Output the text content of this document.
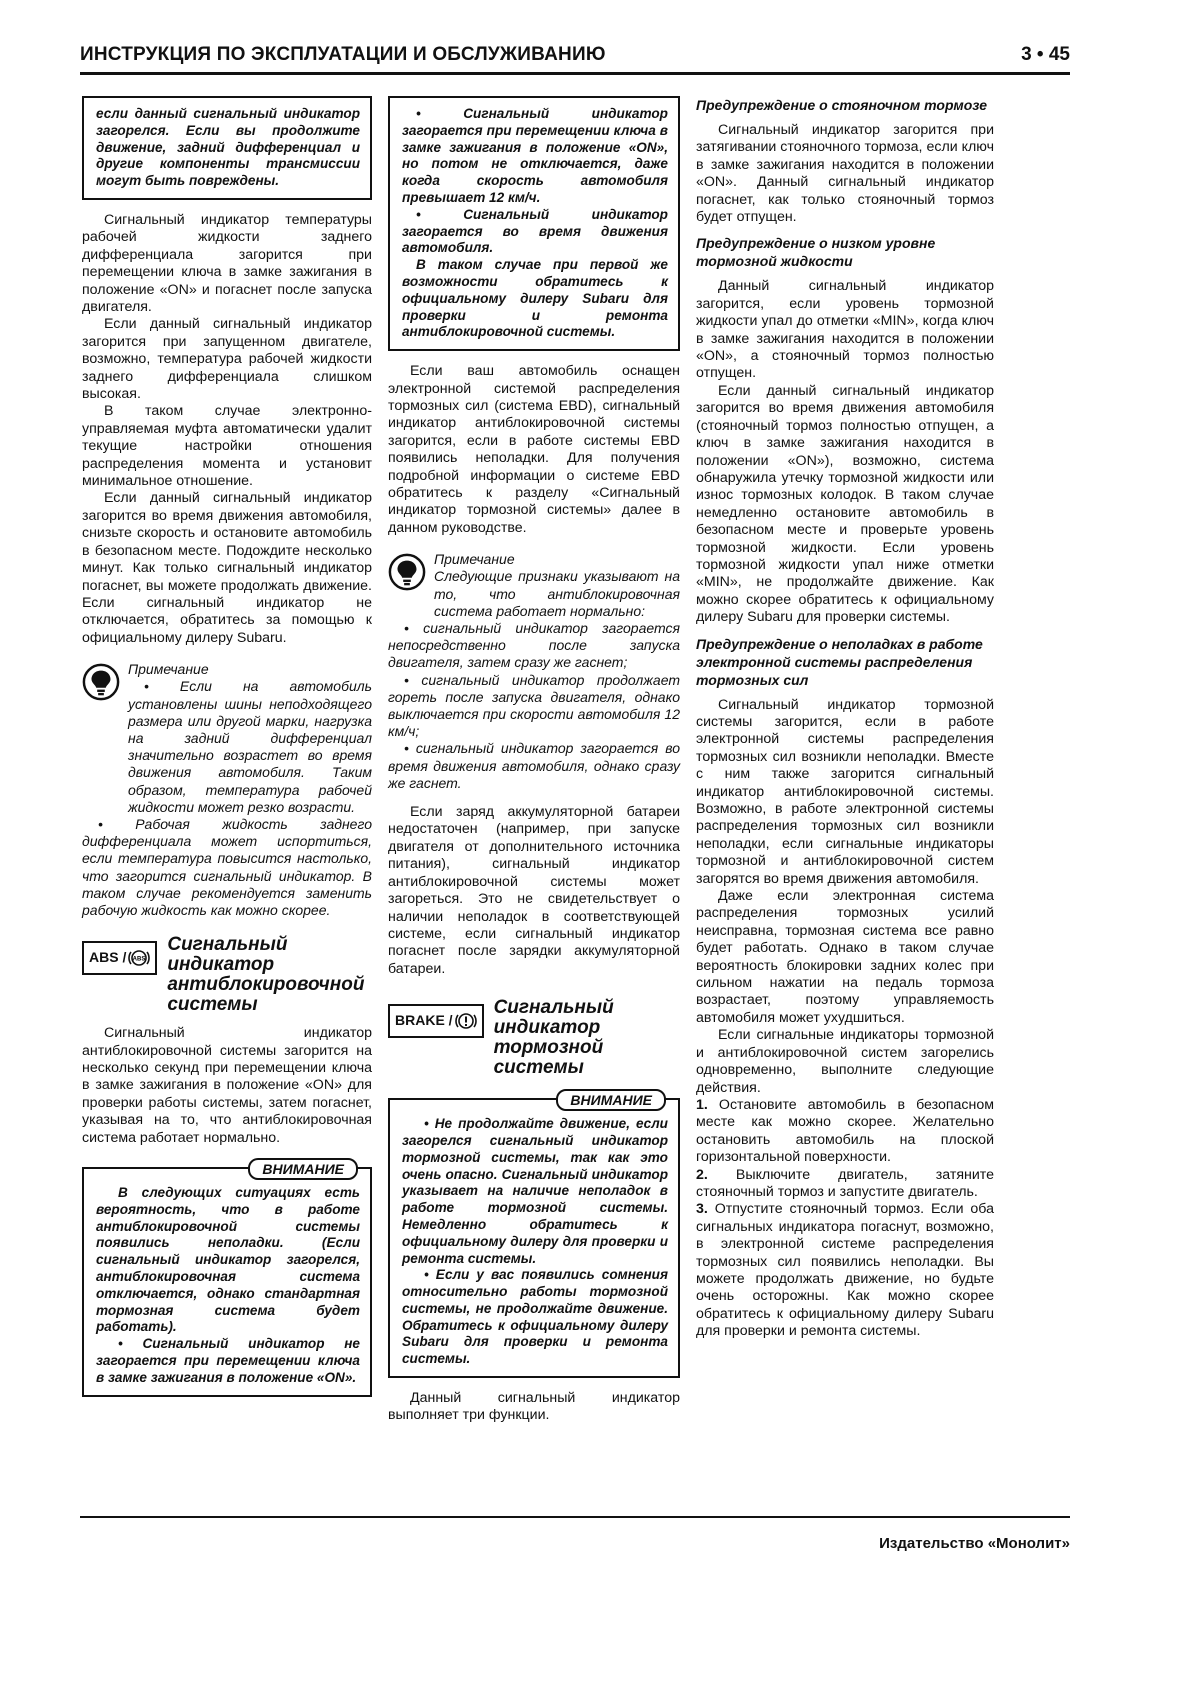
ИНСТРУКЦИЯ ПО ЭКСПЛУАТАЦИИ И ОБСЛУЖИВАНИЮ	3 • 45

если данный сигнальный индикатор загорелся. Если вы продолжите движение, задний дифференциал и другие компоненты трансмиссии могут быть повреждены.

Сигнальный индикатор температуры рабочей жидкости заднего дифференциала загорится при перемещении ключа в замке зажигания в положение «ON» и погаснет после запуска двигателя.

Если данный сигнальный индикатор загорится при запущенном двигателе, возможно, температура рабочей жидкости заднего дифференциала слишком высокая.

В таком случае электронно-управляемая муфта автоматически удалит текущие настройки отношения распределения момента и установит минимальное отношение.

Если данный сигнальный индикатор загорится во время движения автомобиля, снизьте скорость и остановите автомобиль в безопасном месте. Подождите несколько минут. Как только сигнальный индикатор погаснет, вы можете продолжать движение. Если сигнальный индикатор не отключается, обратитесь за помощью к официальному дилеру Subaru.

Примечание

• Если на автомобиль установлены шины неподходящего размера или другой марки, нагрузка на задний дифференциал значительно возрастет во время движения автомобиля. Таким образом, температура рабочей жидкости может резко возрасти.

• Рабочая жидкость заднего дифференциала может испортиться, если температура повысится настолько, что загорится сигнальный индикатор. В таком случае рекомендуется заменить рабочую жидкость как можно скорее.

ABS / ABS
Сигнальный индикатор антиблокировочной системы

Сигнальный индикатор антиблокировочной системы загорится на несколько секунд при перемещении ключа в замке зажигания в положение «ON» для проверки работы системы, затем погаснет, указывая на то, что антиблокировочная система работает нормально.

ВНИМАНИЕ

В следующих ситуациях есть вероятность, что в работе антиблокировочной системы появились неполадки. (Если сигнальный индикатор загорелся, антиблокировочная система отключается, однако стандартная тормозная система будет работать).

• Сигнальный индикатор не загорается при перемещении ключа в замке зажигания в положение «ON».

• Сигнальный индикатор загорается при перемещении ключа в замке зажигания в положение «ON», но потом не отключается, даже когда скорость автомобиля превышает 12 км/ч.

• Сигнальный индикатор загорается во время движения автомобиля.

В таком случае при первой же возможности обратитесь к официальному дилеру Subaru для проверки и ремонта антиблокировочной системы.

Если ваш автомобиль оснащен электронной системой распределения тормозных сил (система EBD), сигнальный индикатор антиблокировочной системы загорится, если в работе системы EBD появились неполадки. Для получения подробной информации о системе EBD обратитесь к разделу «Сигнальный индикатор тормозной системы» далее в данном руководстве.

Примечание

Следующие признаки указывают на то, что антиблокировочная система работает нормально:

• сигнальный индикатор загорается непосредственно после запуска двигателя, затем сразу же гаснет;

• сигнальный индикатор продолжает гореть после запуска двигателя, однако выключается при скорости автомобиля 12 км/ч;

• сигнальный индикатор загорается во время движения автомобиля, однако сразу же гаснет.

Если заряд аккумуляторной батареи недостаточен (например, при запуске двигателя от дополнительного источника питания), сигнальный индикатор антиблокировочной системы может загореться. Это не свидетельствует о наличии неполадок в соответствующей системе, если сигнальный индикатор погаснет после зарядки аккумуляторной батареи.

BRAKE /
Сигнальный индикатор тормозной системы
ВНИМАНИЕ

• Не продолжайте движение, если загорелся сигнальный индикатор тормозной системы, так как это очень опасно. Сигнальный индикатор указывает на наличие неполадок в работе тормозной системы. Немедленно обратитесь к официальному дилеру для проверки и ремонта системы.

• Если у вас появились сомнения относительно работы тормозной системы, не продолжайте движение. Обратитесь к официальному дилеру Subaru для проверки и ремонта системы.

Данный сигнальный индикатор выполняет три функции.

Предупреждение о стояночном тормозе

Сигнальный индикатор загорится при затягивании стояночного тормоза, если ключ в замке зажигания находится в положении «ON». Данный сигнальный индикатор погаснет, как только стояночный тормоз будет отпущен.

Предупреждение о низком уровне тормозной жидкости

Данный сигнальный индикатор загорится, если уровень тормозной жидкости упал до отметки «MIN», когда ключ в замке зажигания находится в положении «ON», а стояночный тормоз полностью отпущен.

Если данный сигнальный индикатор загорится во время движения автомобиля (стояночный тормоз полностью отпущен, а ключ в замке зажигания находится в положении «ON»), возможно, система обнаружила утечку тормозной жидкости или износ тормозных колодок. В таком случае немедленно остановите автомобиль в безопасном месте и проверьте уровень тормозной жидкости. Если уровень тормозной жидкости упал ниже отметки «MIN», не продолжайте движение. Как можно скорее обратитесь к официальному дилеру Subaru для проверки системы.

Предупреждение о неполадках в работе электронной системы распределения тормозных сил

Сигнальный индикатор тормозной системы загорится, если в работе электронной системы распределения тормозных сил возникли неполадки. Вместе с ним также загорится сигнальный индикатор антиблокировочной системы. Возможно, в работе электронной системы распределения тормозных сил возникли неполадки, если сигнальные индикаторы тормозной и антиблокировочной систем загорятся во время движения автомобиля.

Даже если электронная система распределения тормозных усилий неисправна, тормозная система все равно будет работать. Однако в таком случае вероятность блокировки задних колес при сильном нажатии на педаль тормоза возрастает, поэтому управляемость автомобиля может ухудшиться.

Если сигнальные индикаторы тормозной и антиблокировочной систем загорелись одновременно, выполните следующие действия.

1. Остановите автомобиль в безопасном месте как можно скорее. Желательно остановить автомобиль на плоской горизонтальной поверхности.

2. Выключите двигатель, затяните стояночный тормоз и запустите двигатель.

3. Отпустите стояночный тормоз. Если оба сигнальных индикатора погаснут, возможно, в электронной системе распределения тормозных сил появились неполадки. Вы можете продолжать движение, но будьте очень осторожны. Как можно скорее обратитесь к официальному дилеру Subaru для проверки и ремонта системы.

Издательство «Монолит»
